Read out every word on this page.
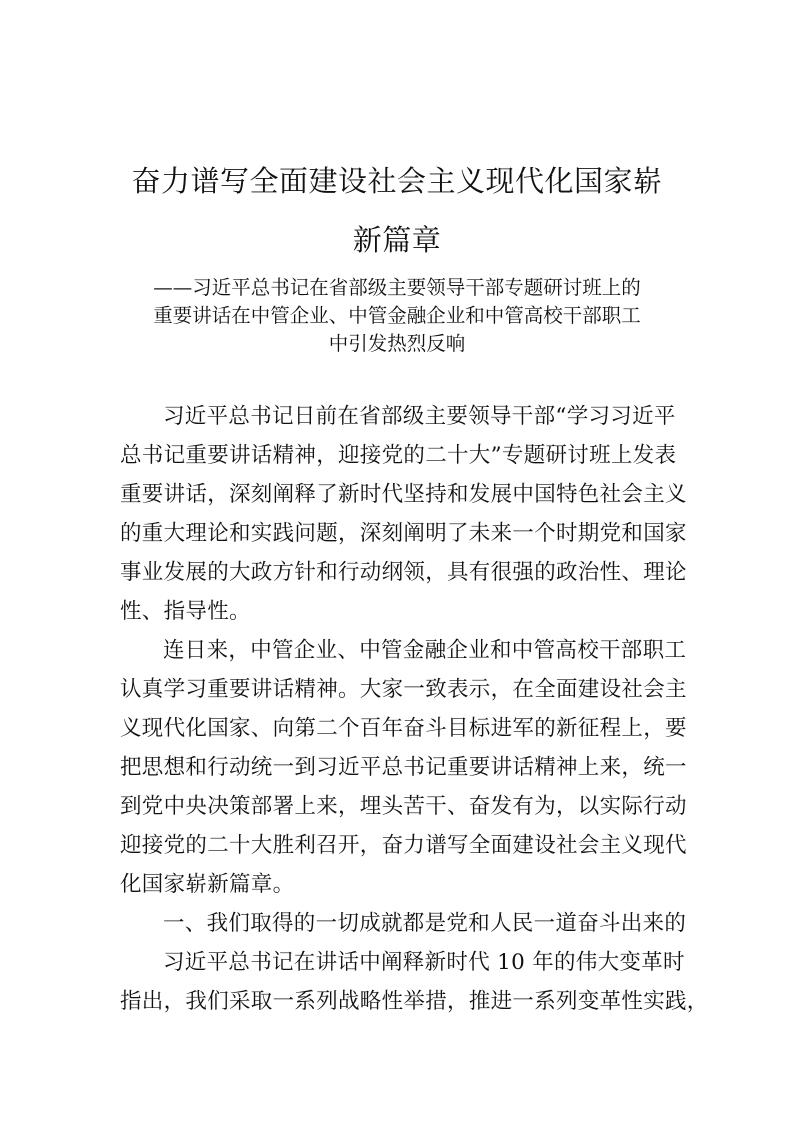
奋力谱写全面建设社会主义现代化国家崭
新篇章
——习近平总书记在省部级主要领导干部专题研讨班上的
重要讲话在中管企业、中管金融企业和中管高校干部职工
中引发热烈反响
习近平总书记日前在省部级主要领导干部“学习习近平
总书记重要讲话精神，迎接党的二十大”专题研讨班上发表
重要讲话，深刻阐释了新时代坚持和发展中国特色社会主义
的重大理论和实践问题，深刻阐明了未来一个时期党和国家
事业发展的大政方针和行动纲领，具有很强的政治性、理论
性、指导性。
连日来，中管企业、中管金融企业和中管高校干部职工
认真学习重要讲话精神。大家一致表示，在全面建设社会主
义现代化国家、向第二个百年奋斗目标进军的新征程上，要
把思想和行动统一到习近平总书记重要讲话精神上来，统一
到党中央决策部署上来，埋头苦干、奋发有为，以实际行动
迎接党的二十大胜利召开，奋力谱写全面建设社会主义现代
化国家崭新篇章。
一、我们取得的一切成就都是党和人民一道奋斗出来的
习近平总书记在讲话中阐释新时代 10 年的伟大变革时
指出，我们采取一系列战略性举措，推进一系列变革性实践，
